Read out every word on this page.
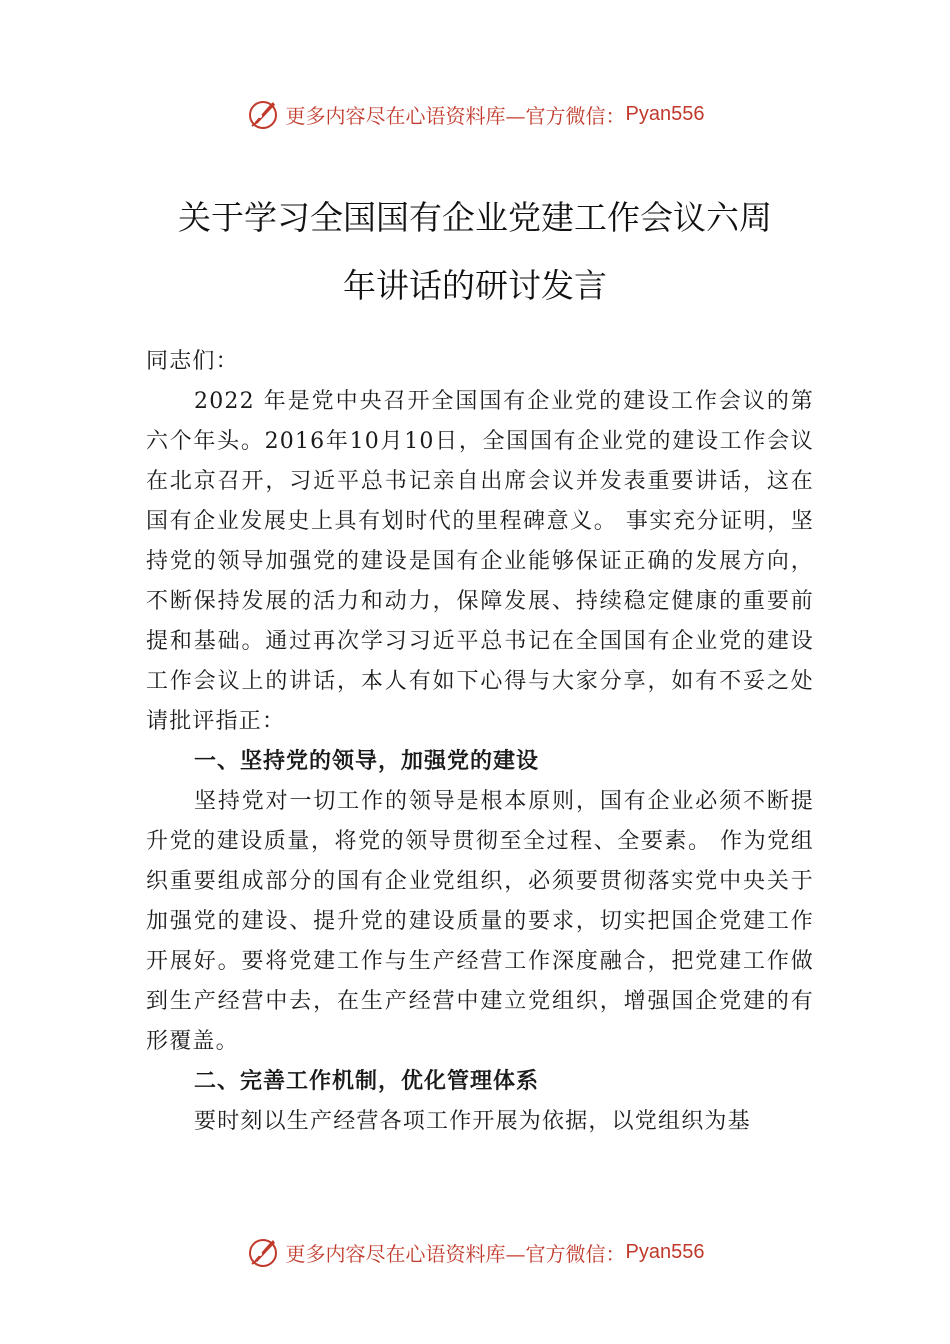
更多内容尽在心语资料库—官方微信： Pyan556
关于学习全国国有企业党建工作会议六周
年讲话的研讨发言

同志们：

2022 年是党中央召开全国国有企业党的建设工作会议的第六个年头。2016年10月10日，全国国有企业党的建设工作会议在北京召开，习近平总书记亲自出席会议并发表重要讲话，这在国有企业发展史上具有划时代的里程碑意义。 事实充分证明，坚持党的领导加强党的建设是国有企业能够保证正确的发展方向，不断保持发展的活力和动力，保障发展、持续稳定健康的重要前提和基础。通过再次学习习近平总书记在全国国有企业党的建设工作会议上的讲话，本人有如下心得与大家分享，如有不妥之处请批评指正：

一、坚持党的领导，加强党的建设

坚持党对一切工作的领导是根本原则，国有企业必须不断提升党的建设质量，将党的领导贯彻至全过程、全要素。 作为党组织重要组成部分的国有企业党组织，必须要贯彻落实党中央关于加强党的建设、提升党的建设质量的要求，切实把国企党建工作开展好。要将党建工作与生产经营工作深度融合，把党建工作做到生产经营中去，在生产经营中建立党组织，增强国企党建的有形覆盖。

二、完善工作机制，优化管理体系

要时刻以生产经营各项工作开展为依据，以党组织为基

更多内容尽在心语资料库—官方微信： Pyan556
